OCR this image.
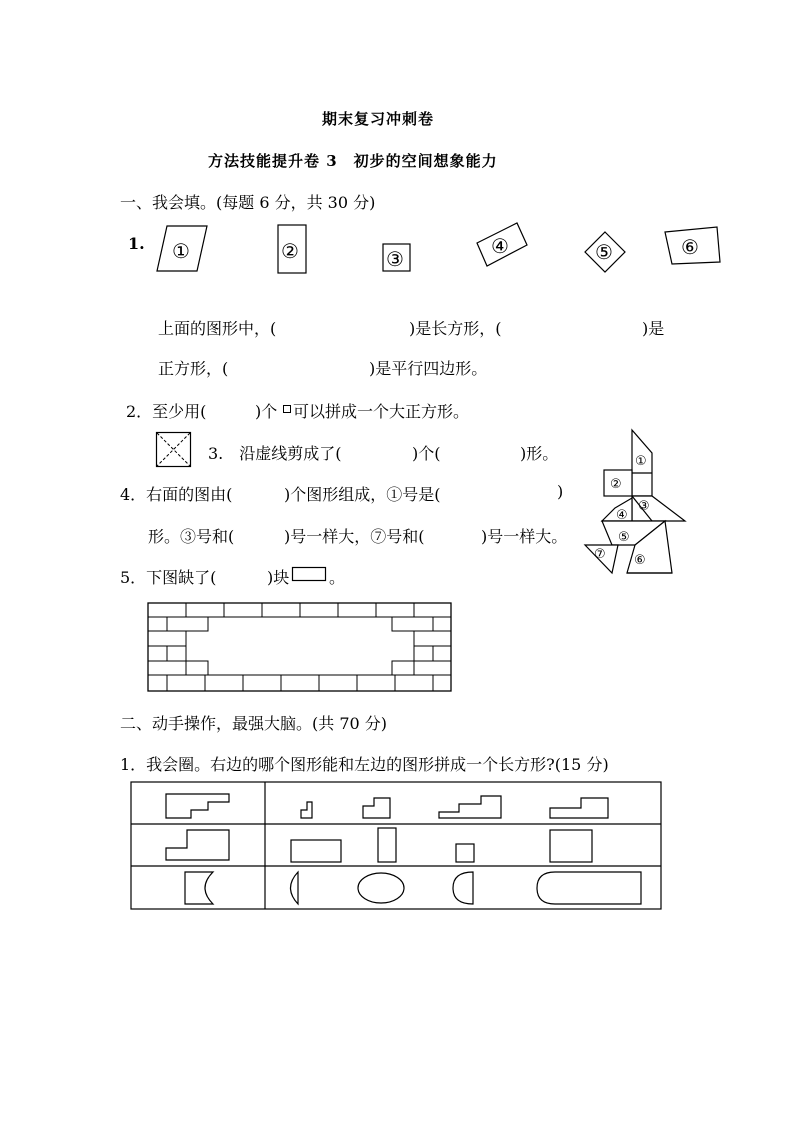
期末复习冲刺卷
方法技能提升卷 3　初步的空间想象能力
一、我会填。(每题 6 分，共 30 分)
1. ①	②	③
④	⑤	⑥
上面的图形中，(	)是长方形，(	)是
正方形，(	)是平行四边形。
2．至少用(	)个 可以拼成一个大正方形。
3.　沿虚线剪成了(	)个(	)形。	①
②
③
④
⑤
⑥
⑦
4．右面的图由(	)个图形组成，①号是(	)
形。③号和(	)号一样大，⑦号和(	)号一样大。
5．下图缺了(	)块 。
二、动手操作，最强大脑。(共 70 分)
1．我会圈。右边的哪个图形能和左边的图形拼成一个长方形?(15 分)
